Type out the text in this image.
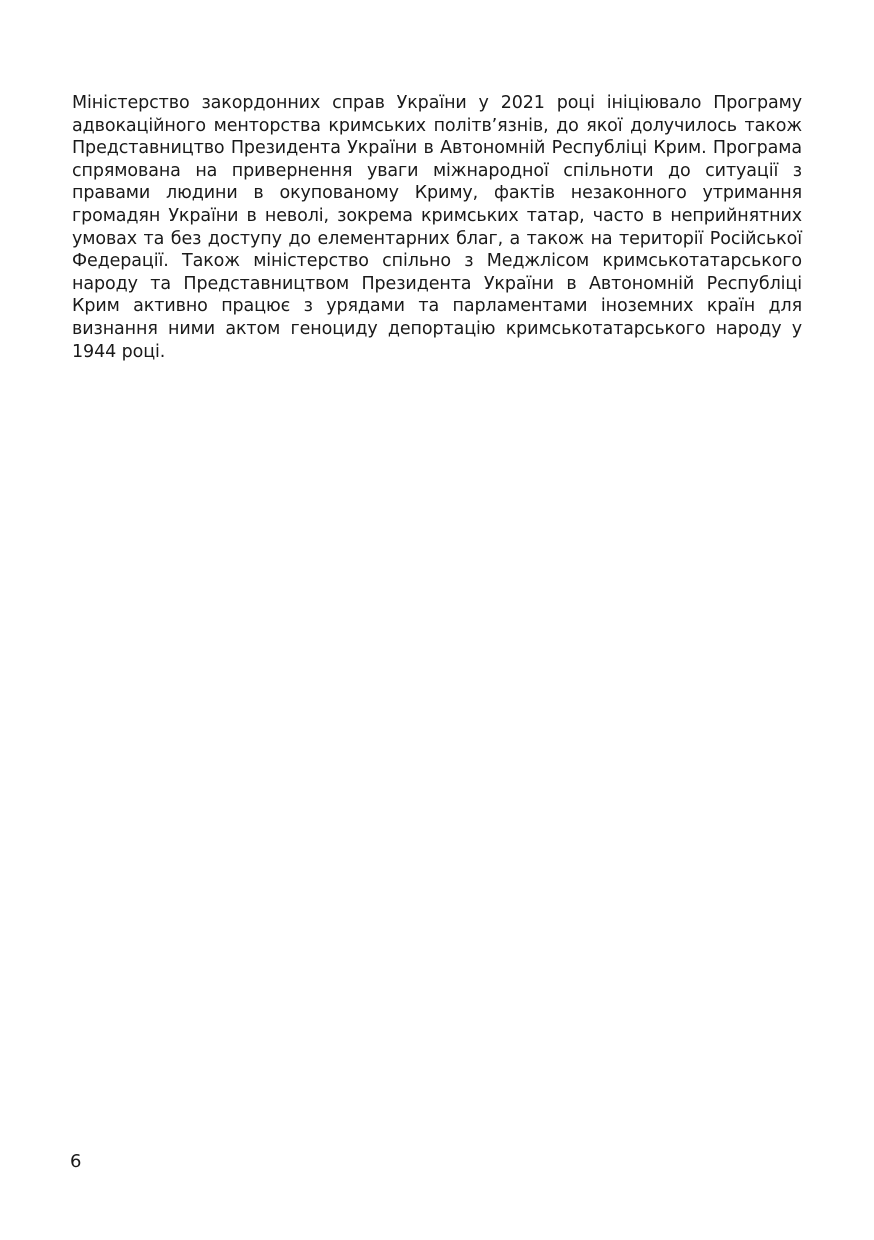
Міністерство закордонних справ України у 2021 році ініціювало Програму адвокаційного менторства кримських політв’язнів, до якої долучилось також Представництво Президента України в Автономній Республіці Крим. Програма спрямована на привернення уваги міжнародної спільноти до ситуації з правами людини в окупованому Криму, фактів незаконного утримання громадян України в неволі, зокрема кримських татар, часто в неприйнятних умовах та без доступу до елементарних благ, а також на території Російської Федерації. Також міністерство спільно з Меджлісом кримськотатарського народу та Представництвом Президента України в Автономній Республіці Крим активно працює з урядами та парламентами іноземних країн для визнання ними актом геноциду депортацію кримськотатарського народу у 1944 році.

6
